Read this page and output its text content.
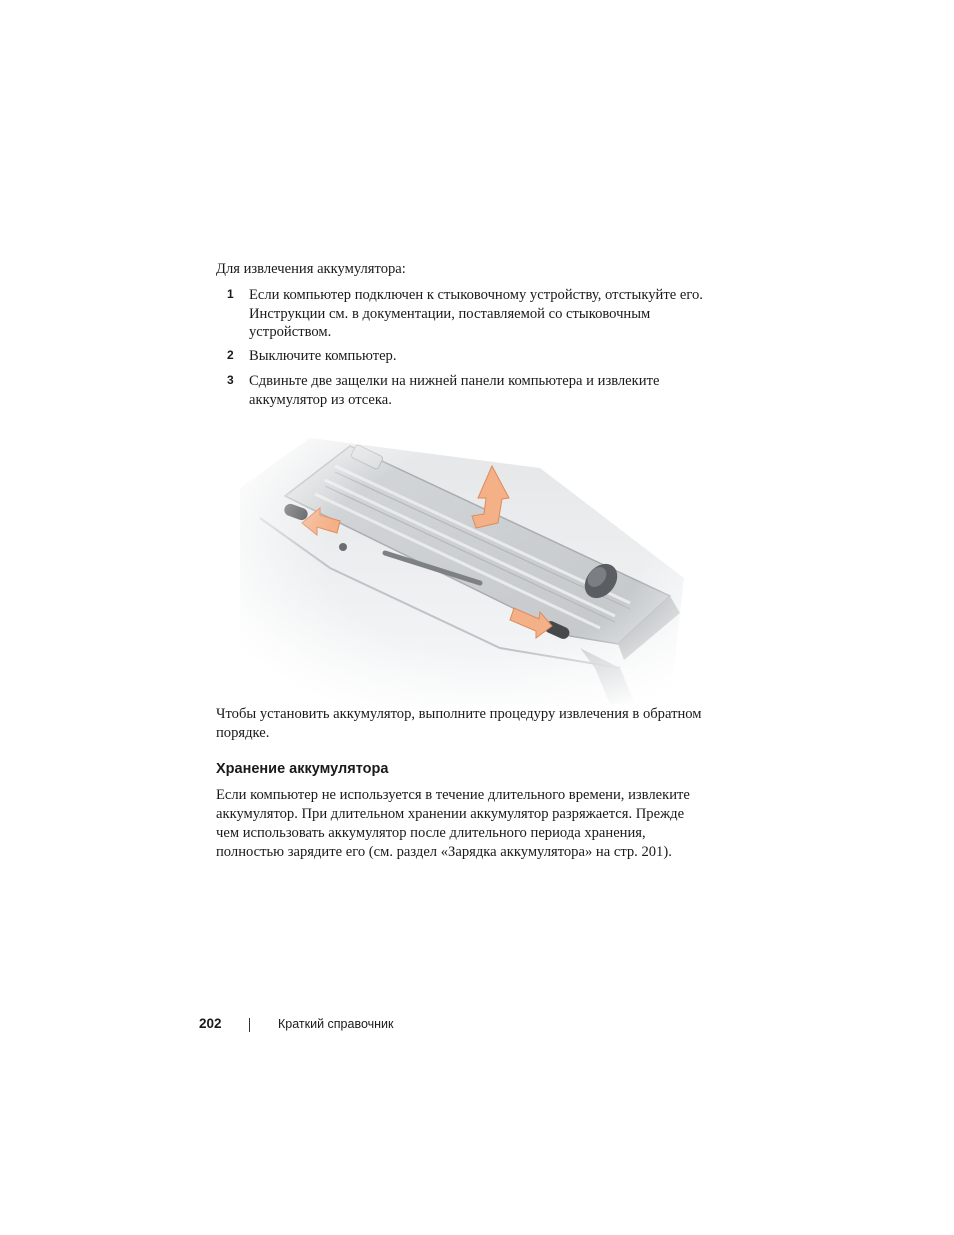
Для извлечения аккумулятора:

1 Если компьютер подключен к стыковочному устройству, отстыкуйте его. Инструкции см. в документации, поставляемой со стыковочным устройством.
2 Выключите компьютер.
3 Сдвиньте две защелки на нижней панели компьютера и извлеките аккумулятор из отсека.

Чтобы установить аккумулятор, выполните процедуру извлечения в обратном порядке.

Хранение аккумулятора

Если компьютер не используется в течение длительного времени, извлеките аккумулятор. При длительном хранении аккумулятор разряжается. Прежде чем использовать аккумулятор после длительного периода хранения, полностью зарядите его (см. раздел «Зарядка аккумулятора» на стр. 201).

202	Краткий справочник
